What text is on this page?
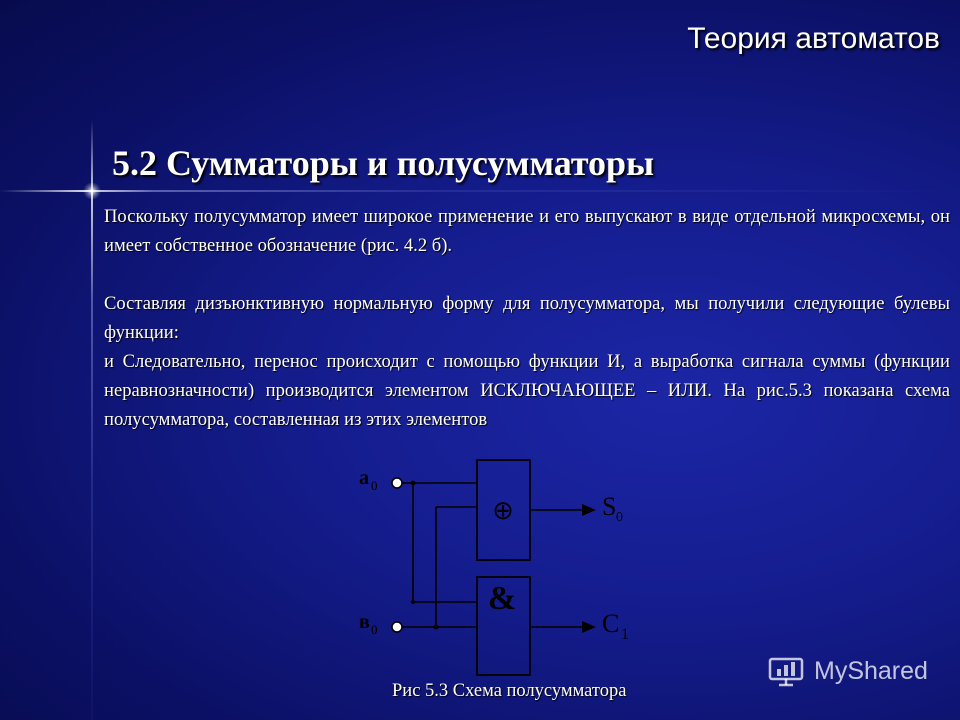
Теория автоматов
5.2 Сумматоры и полусумматоры

Поскольку полусумматор имеет широкое применение и его выпускают в виде отдельной микросхемы, он имеет собственное обозначение (рис. 4.2 б).

Составляя дизъюнктивную нормальную форму для полусумматора, мы получили следующие булевы функции:

и Следовательно, перенос происходит с помощью функции И, а выработка сигнала суммы (функции неравнозначности) производится элементом ИСКЛЮЧАЮЩЕЕ – ИЛИ. На рис.5.3 показана схема полусумматора, составленная из этих элементов

a 0
в 0
⊕
&
S 0
C 1
Рис 5.3 Схема полусумматора
MyShared
